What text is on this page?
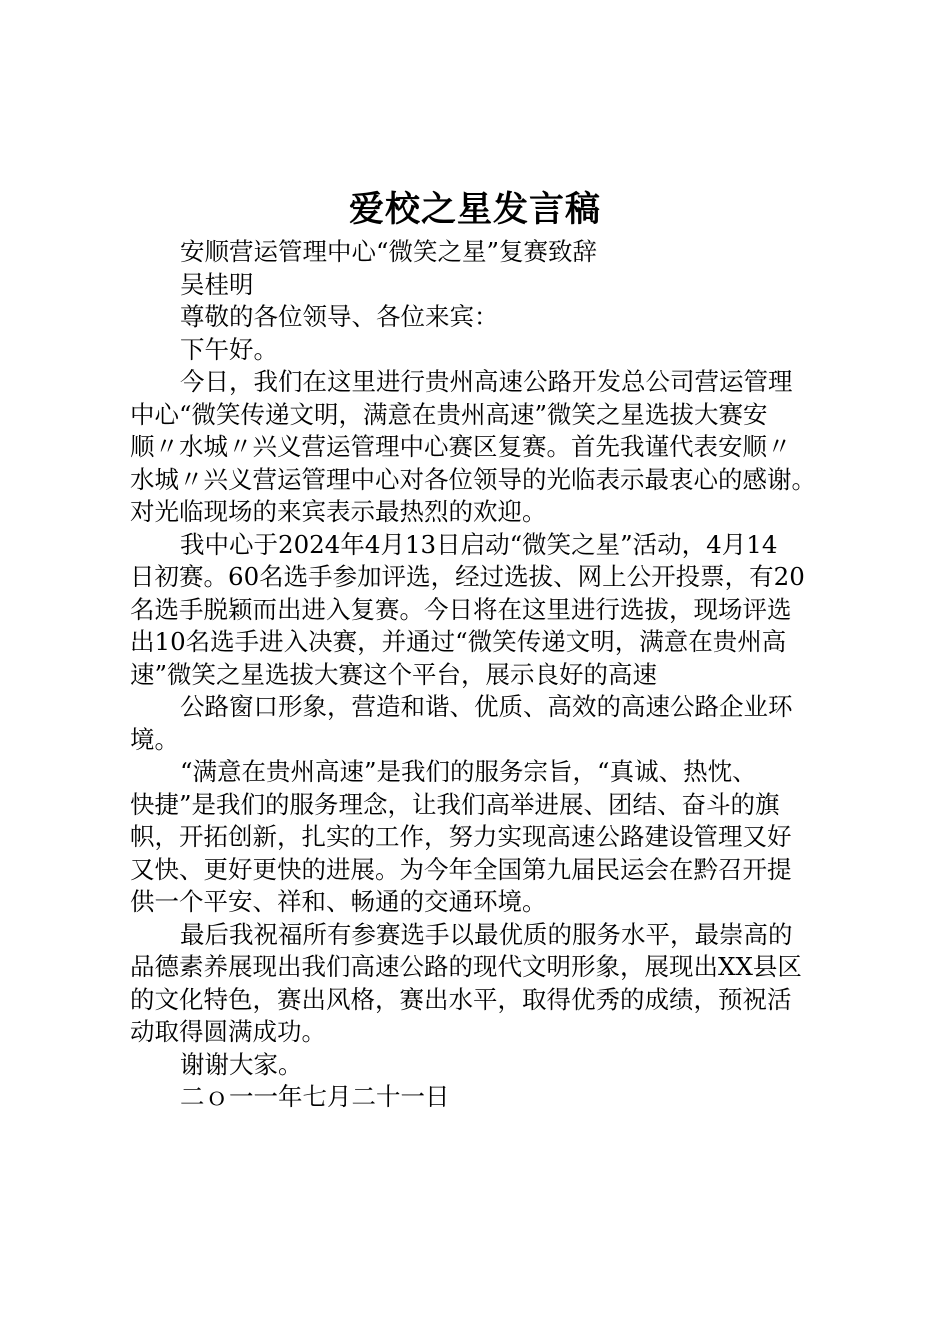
爱校之星发言稿
安顺营运管理中心“微笑之星”复赛致辞
吴桂明
尊敬的各位领导、各位来宾：
下午好。
今日，我们在这里进行贵州高速公路开发总公司营运管理
中心“微笑传递文明，满意在贵州高速”微笑之星选拔大赛安
顺〃水城〃兴义营运管理中心赛区复赛。首先我谨代表安顺〃
水城〃兴义营运管理中心对各位领导的光临表示最衷心的感谢。
对光临现场的来宾表示最热烈的欢迎。
我中心于2024年4月13日启动“微笑之星”活动，4月14
日初赛。60名选手参加评选，经过选拔、网上公开投票，有20
名选手脱颖而出进入复赛。今日将在这里进行选拔，现场评选
出10名选手进入决赛，并通过“微笑传递文明，满意在贵州高
速”微笑之星选拔大赛这个平台，展示良好的高速
公路窗口形象，营造和谐、优质、高效的高速公路企业环
境。
“满意在贵州高速”是我们的服务宗旨，“真诚、热忱、
快捷”是我们的服务理念，让我们高举进展、团结、奋斗的旗
帜，开拓创新，扎实的工作，努力实现高速公路建设管理又好
又快、更好更快的进展。为今年全国第九届民运会在黔召开提
供一个平安、祥和、畅通的交通环境。
最后我祝福所有参赛选手以最优质的服务水平，最崇高的
品德素养展现出我们高速公路的现代文明形象，展现出XX县区
的文化特色，赛出风格，赛出水平，取得优秀的成绩，预祝活
动取得圆满成功。
谢谢大家。
二ｏ一一年七月二十一日
